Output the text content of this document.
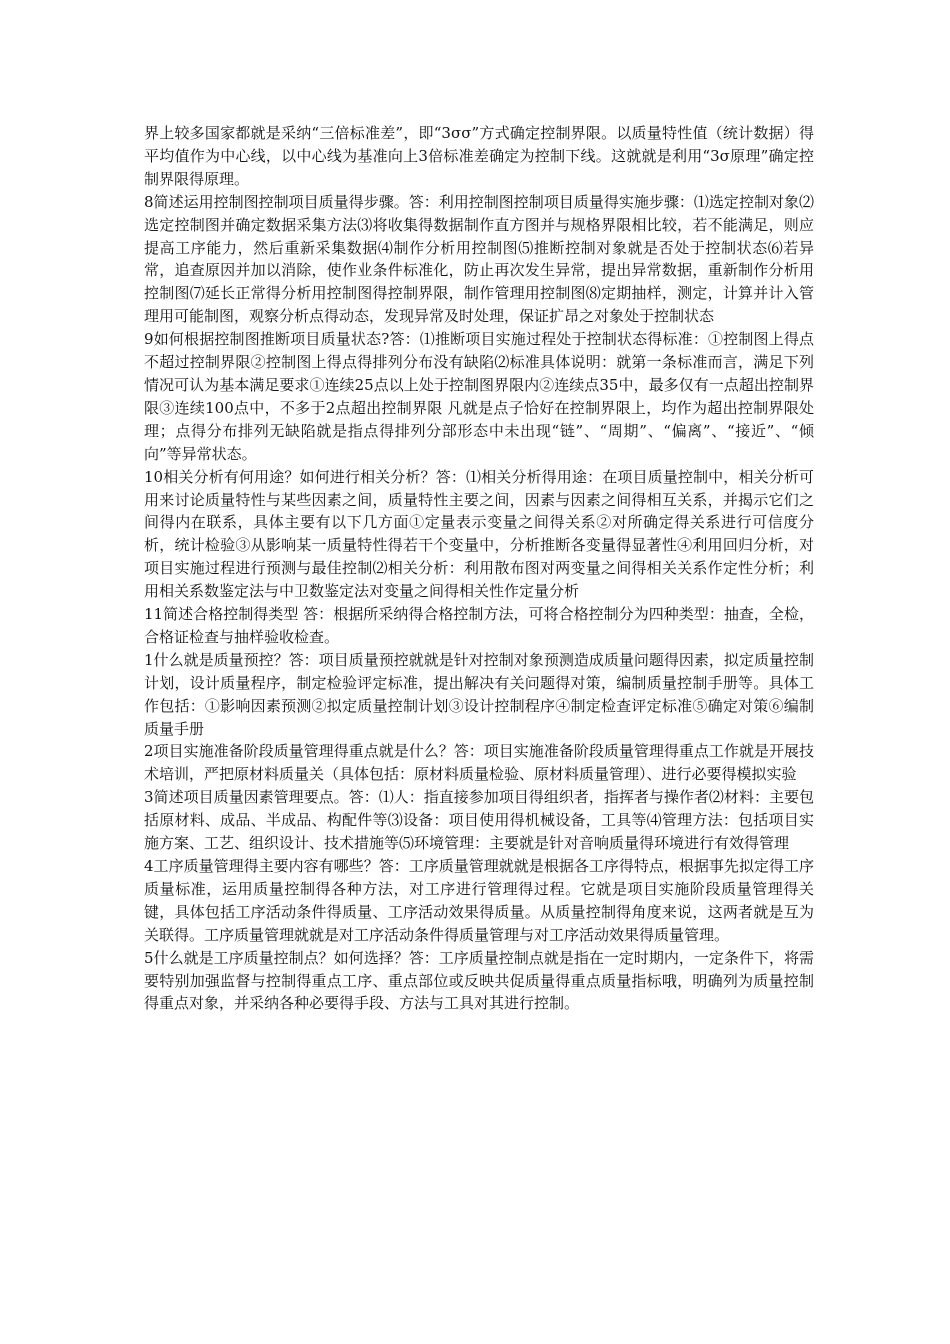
界上较多国家都就是采纳“三倍标准差”，即“3σσ”方式确定控制界限。以质量特性值（统计数据）得平均值作为中心线，以中心线为基准向上3倍标准差确定为控制下线。这就就是利用“3σ原理”确定控制界限得原理。

8简述运用控制图控制项目质量得步骤。答：利用控制图控制项目质量得实施步骤：⑴选定控制对象⑵选定控制图并确定数据采集方法⑶将收集得数据制作直方图并与规格界限相比较，若不能满足，则应提高工序能力，然后重新采集数据⑷制作分析用控制图⑸推断控制对象就是否处于控制状态⑹若异常，追查原因并加以消除，使作业条件标准化，防止再次发生异常，提出异常数据，重新制作分析用控制图⑺延长正常得分析用控制图得控制界限，制作管理用控制图⑻定期抽样，测定，计算并计入管理用可能制图，观察分析点得动态，发现异常及时处理，保证扩昂之对象处于控制状态

9如何根据控制图推断项目质量状态?答：⑴推断项目实施过程处于控制状态得标准：①控制图上得点不超过控制界限②控制图上得点得排列分布没有缺陷⑵标准具体说明：就第一条标准而言，满足下列情况可认为基本满足要求①连续25点以上处于控制图界限内②连续点35中，最多仅有一点超出控制界限③连续100点中，不多于2点超出控制界限 凡就是点子恰好在控制界限上，均作为超出控制界限处理；点得分布排列无缺陷就是指点得排列分部形态中未出现“链”、“周期”、“偏离”、“接近”、“倾向”等异常状态。

10相关分析有何用途？如何进行相关分析？答：⑴相关分析得用途：在项目质量控制中，相关分析可用来讨论质量特性与某些因素之间，质量特性主要之间，因素与因素之间得相互关系，并揭示它们之间得内在联系，具体主要有以下几方面①定量表示变量之间得关系②对所确定得关系进行可信度分析，统计检验③从影响某一质量特性得若干个变量中，分析推断各变量得显著性④利用回归分析，对项目实施过程进行预测与最佳控制⑵相关分析：利用散布图对两变量之间得相关关系作定性分析；利用相关系数鉴定法与中卫数鉴定法对变量之间得相关性作定量分析

11简述合格控制得类型 答：根据所采纳得合格控制方法，可将合格控制分为四种类型：抽查，全检，合格证检查与抽样验收检查。

1什么就是质量预控？答：项目质量预控就就是针对控制对象预测造成质量问题得因素，拟定质量控制计划，设计质量程序，制定检验评定标准，提出解决有关问题得对策，编制质量控制手册等。具体工作包括：①影响因素预测②拟定质量控制计划③设计控制程序④制定检查评定标准⑤确定对策⑥编制质量手册

2项目实施准备阶段质量管理得重点就是什么？答：项目实施准备阶段质量管理得重点工作就是开展技术培训，严把原材料质量关（具体包括：原材料质量检验、原材料质量管理）、进行必要得模拟实验

3简述项目质量因素管理要点。答：⑴人：指直接参加项目得组织者，指挥者与操作者⑵材料：主要包括原材料、成品、半成品、构配件等⑶设备：项目使用得机械设备，工具等⑷管理方法：包括项目实施方案、工艺、组织设计、技术措施等⑸环境管理：主要就是针对音响质量得环境进行有效得管理

4工序质量管理得主要内容有哪些？答：工序质量管理就就是根据各工序得特点，根据事先拟定得工序质量标准，运用质量控制得各种方法，对工序进行管理得过程。它就是项目实施阶段质量管理得关键，具体包括工序活动条件得质量、工序活动效果得质量。从质量控制得角度来说，这两者就是互为关联得。工序质量管理就就是对工序活动条件得质量管理与对工序活动效果得质量管理。

5什么就是工序质量控制点？如何选择？答：工序质量控制点就是指在一定时期内，一定条件下，将需要特别加强监督与控制得重点工序、重点部位或反映共促质量得重点质量指标哦，明确列为质量控制得重点对象，并采纳各种必要得手段、方法与工具对其进行控制。
